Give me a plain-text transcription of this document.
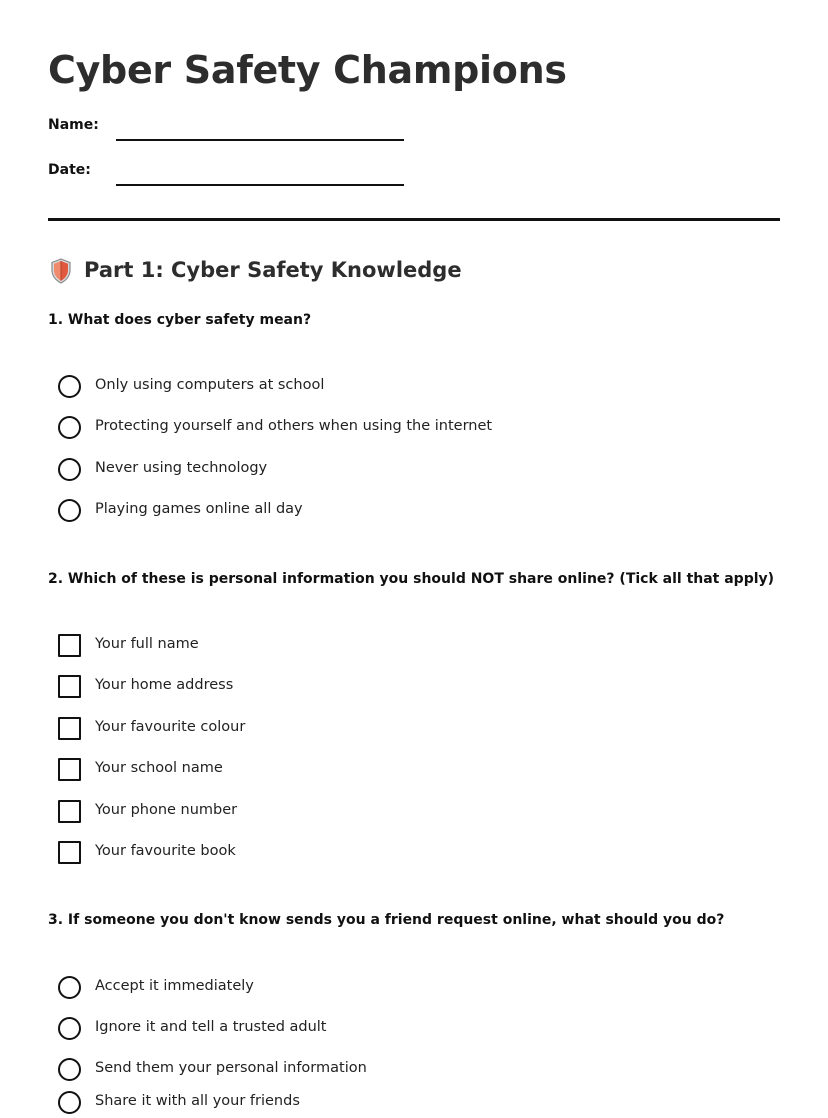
Cyber Safety Champions
Name:
Date:
Part 1: Cyber Safety Knowledge
1. What does cyber safety mean?
Only using computers at school
Protecting yourself and others when using the internet
Never using technology
Playing games online all day
2. Which of these is personal information you should NOT share online? (Tick all that apply)
Your full name
Your home address
Your favourite colour
Your school name
Your phone number
Your favourite book
3. If someone you don't know sends you a friend request online, what should you do?
Accept it immediately
Ignore it and tell a trusted adult
Send them your personal information
Share it with all your friends
